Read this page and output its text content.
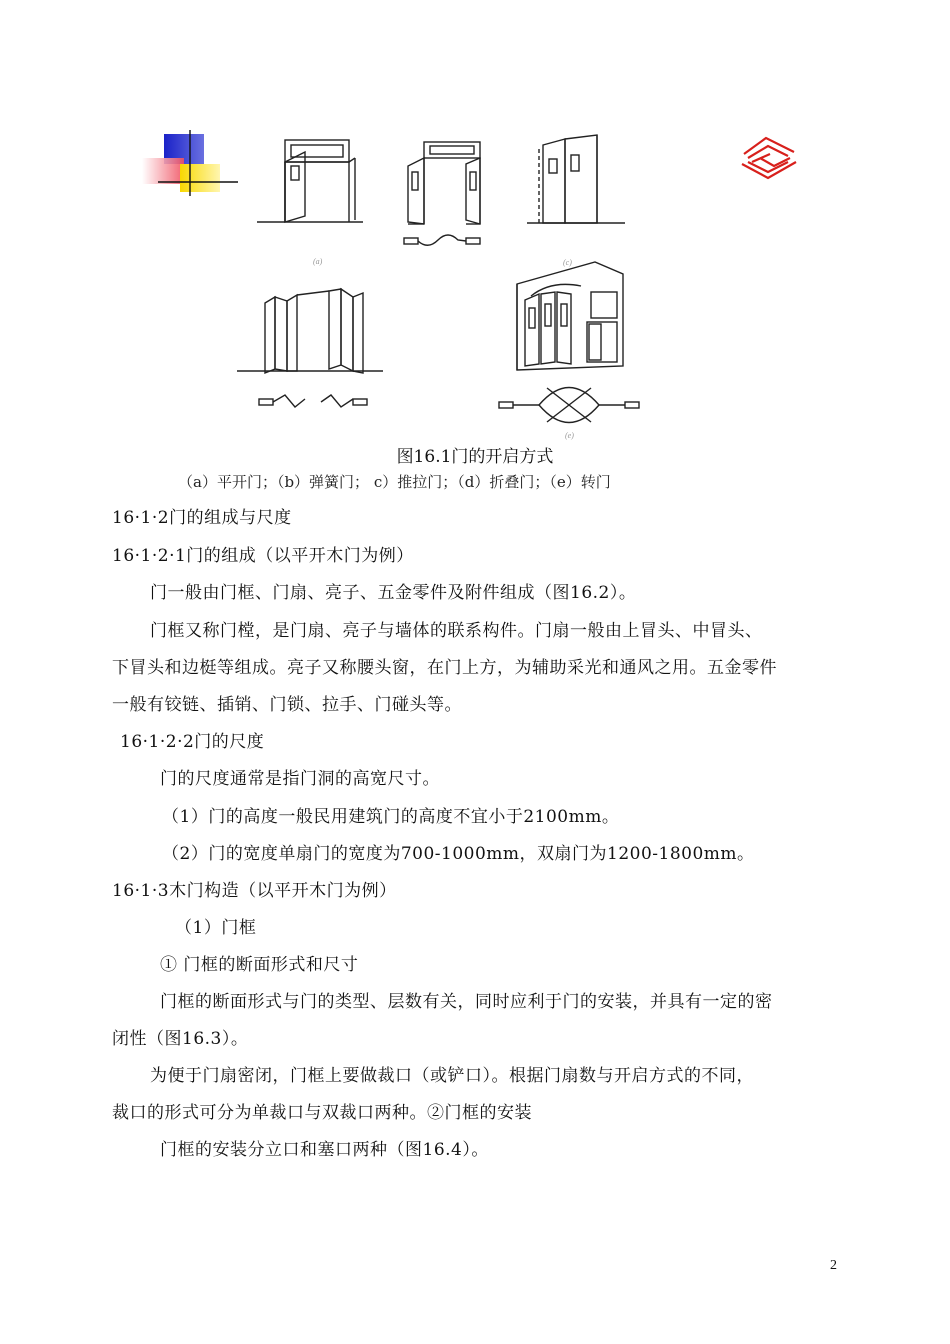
(a)	(c)
(e)
图16.1门的开启方式
（a）平开门；（b）弹簧门； c）推拉门；（d）折叠门；（e）转门
16·1·2门的组成与尺度
16·1·2·1门的组成（以平开木门为例）
门一般由门框、门扇、亮子、五金零件及附件组成（图16.2）。
门框又称门樘，是门扇、亮子与墙体的联系构件。门扇一般由上冒头、中冒头、
下冒头和边梃等组成。亮子又称腰头窗，在门上方，为辅助采光和通风之用。五金零件
一般有铰链、插销、门锁、拉手、门碰头等。
16·1·2·2门的尺度
门的尺度通常是指门洞的高宽尺寸。
（1）门的高度一般民用建筑门的高度不宜小于2100mm。
（2）门的宽度单扇门的宽度为700-1000mm，双扇门为1200-1800mm。
16·1·3木门构造（以平开木门为例）
（1）门框
① 门框的断面形式和尺寸
门框的断面形式与门的类型、层数有关，同时应利于门的安装，并具有一定的密
闭性（图16.3）。
为便于门扇密闭，门框上要做裁口（或铲口）。根据门扇数与开启方式的不同，
裁口的形式可分为单裁口与双裁口两种。②门框的安装
门框的安装分立口和塞口两种（图16.4）。
2
